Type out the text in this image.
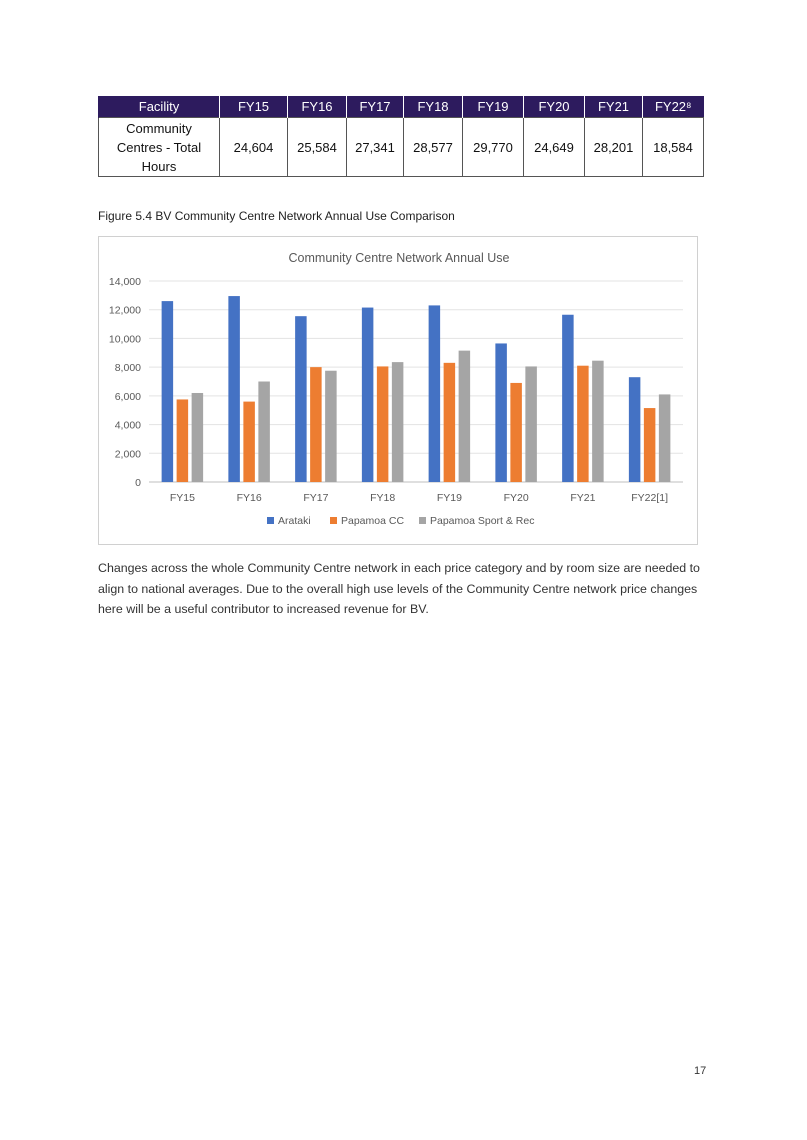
Facility	FY15	FY16	FY17	FY18	FY19	FY20	FY21	FY22⁸
Community
Centres - Total
Hours	24,604	25,584	27,341	28,577	29,770	24,649	28,201	18,584
Figure 5.4 BV Community Centre Network Annual Use Comparison
Community Centre Network Annual Use
0
2,000
4,000
6,000
8,000
10,000
12,000
14,000
FY15	FY16	FY17	FY18	FY19	FY20	FY21	FY22[1]
Arataki	Papamoa CC Papamoa Sport & Rec

Changes across the whole Community Centre network in each price category and by room size are needed to align to national averages. Due to the overall high use levels of the Community Centre network price changes here will be a useful contributor to increased revenue for BV.

17
